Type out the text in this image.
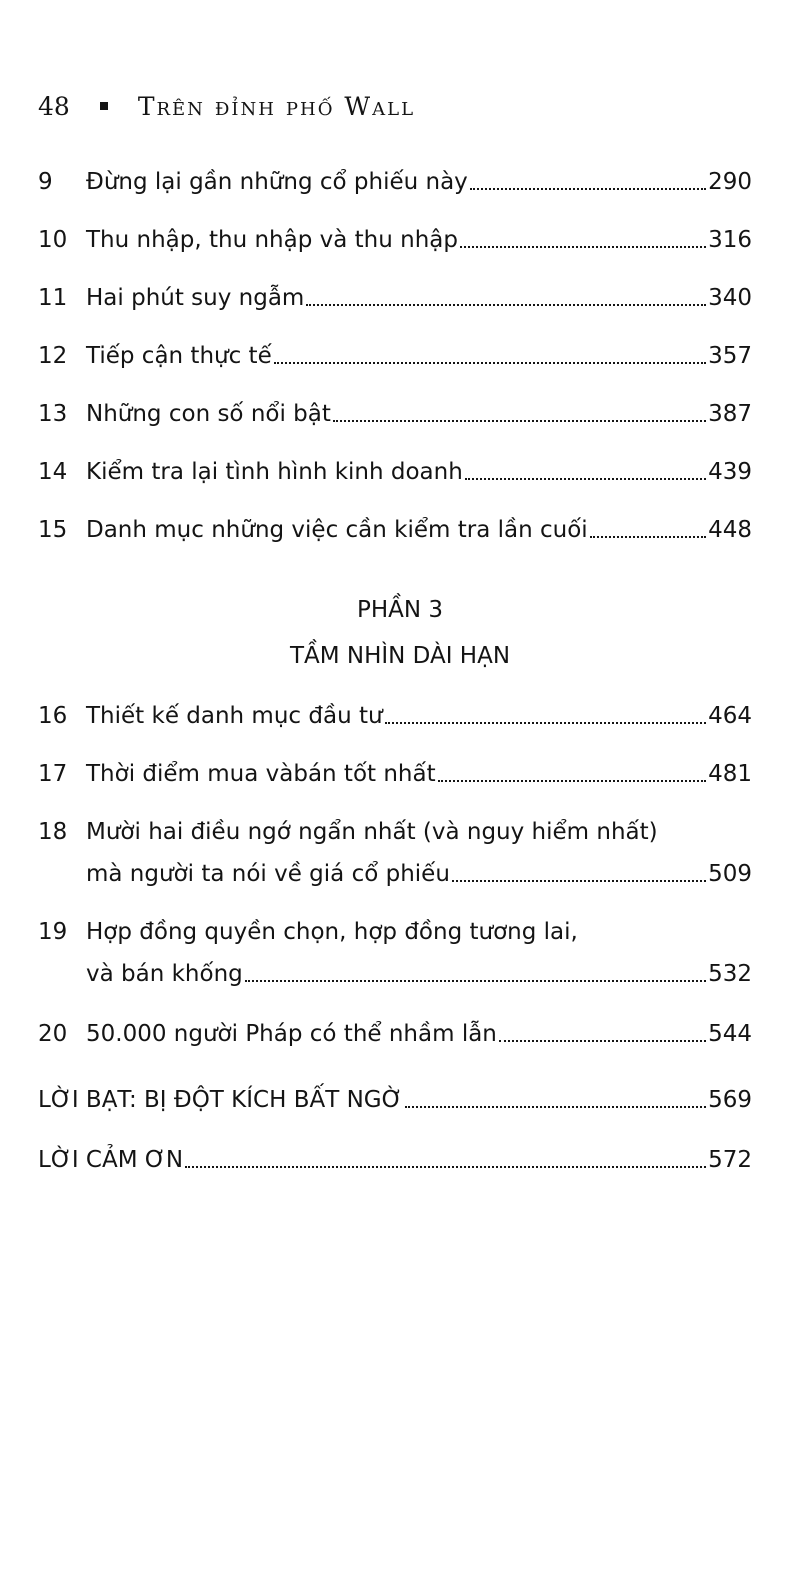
48	Trên đỉnh phố Wall
9	Đừng lại gần những cổ phiếu này	290
10 Thu nhập, thu nhập và thu nhập	316
11 Hai phút suy ngẫm	340
12 Tiếp cận thực tế	357
13 Những con số nổi bật	387
14 Kiểm tra lại tình hình kinh doanh	439
15 Danh mục những việc cần kiểm tra lần cuối	448
PHẦN 3
TẦM NHÌN DÀI HẠN
16 Thiết kế danh mục đầu tư	464
17 Thời điểm mua vàbán tốt nhất	481
18 Mười hai điều ngớ ngẩn nhất (và nguy hiểm nhất)
mà người ta nói về giá cổ phiếu	509
19 Hợp đồng quyền chọn, hợp đồng tương lai,
và bán khống	532
20 50.000 người Pháp có thể nhầm lẫn	544
LỜI BẠT: BỊ ĐỘT KÍCH BẤT NGỜ	569
LỜI CẢM ƠN	572
